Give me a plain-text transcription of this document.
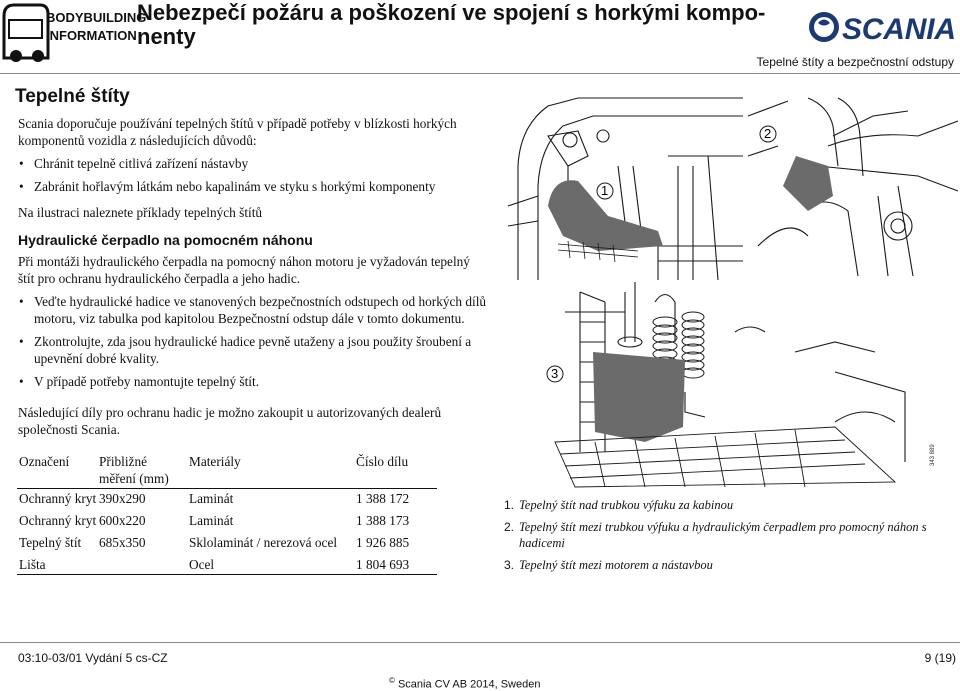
BODYBUILDING
INFORMATION
Nebezpečí požáru a poškození ve spojení s horkými kompo-nenty	SCANIA
Tepelné štíty a bezpečnostní odstupy
Tepelné štíty

Scania doporučuje používání tepelných štítů v případě potřeby v blízkosti horkých komponentů vozidla z následujících důvodů:

• Chránit tepelně citlivá zařízení nástavby
• Zabránit hořlavým látkám nebo kapalinám ve styku s horkými komponenty

Na ilustraci naleznete příklady tepelných štítů

Hydraulické čerpadlo na pomocném náhonu

Při montáži hydraulického čerpadla na pomocný náhon motoru je vyžadován tepelný štít pro ochranu hydraulického čerpadla a jeho hadic.

• Veďte hydraulické hadice ve stanovených bezpečnostních odstupech od horkých dílů motoru, viz tabulka pod kapitolou Bezpečnostní odstup dále v tomto dokumentu.
• Zkontrolujte, zda jsou hydraulické hadice pevně utaženy a jsou použity šroubení a upevnění dobré kvality.
• V případě potřeby namontujte tepelný štít.

Následující díly pro ochranu hadic je možno zakoupit u autorizovaných dealerů společnosti Scania.

Označení	Přibližné měření (mm)	Materiály	Číslo dílu
Ochranný kryt	390x290	Laminát	1 388 172
Ochranný kryt	600x220	Laminát	1 388 173
Tepelný štít	685x350	Sklolaminát / nerezová ocel	1 926 885
Lišta		Ocel	1 804 693
1
2
3
343 889
1. Tepelný štít nad trubkou výfuku za kabinou
2. Tepelný štít mezi trubkou výfuku a hydraulickým čerpadlem pro pomocný náhon s hadicemi
3. Tepelný štít mezi motorem a nástavbou
03:10-03/01 Vydání 5 cs-CZ	9 (19)
© Scania CV AB 2014, Sweden
